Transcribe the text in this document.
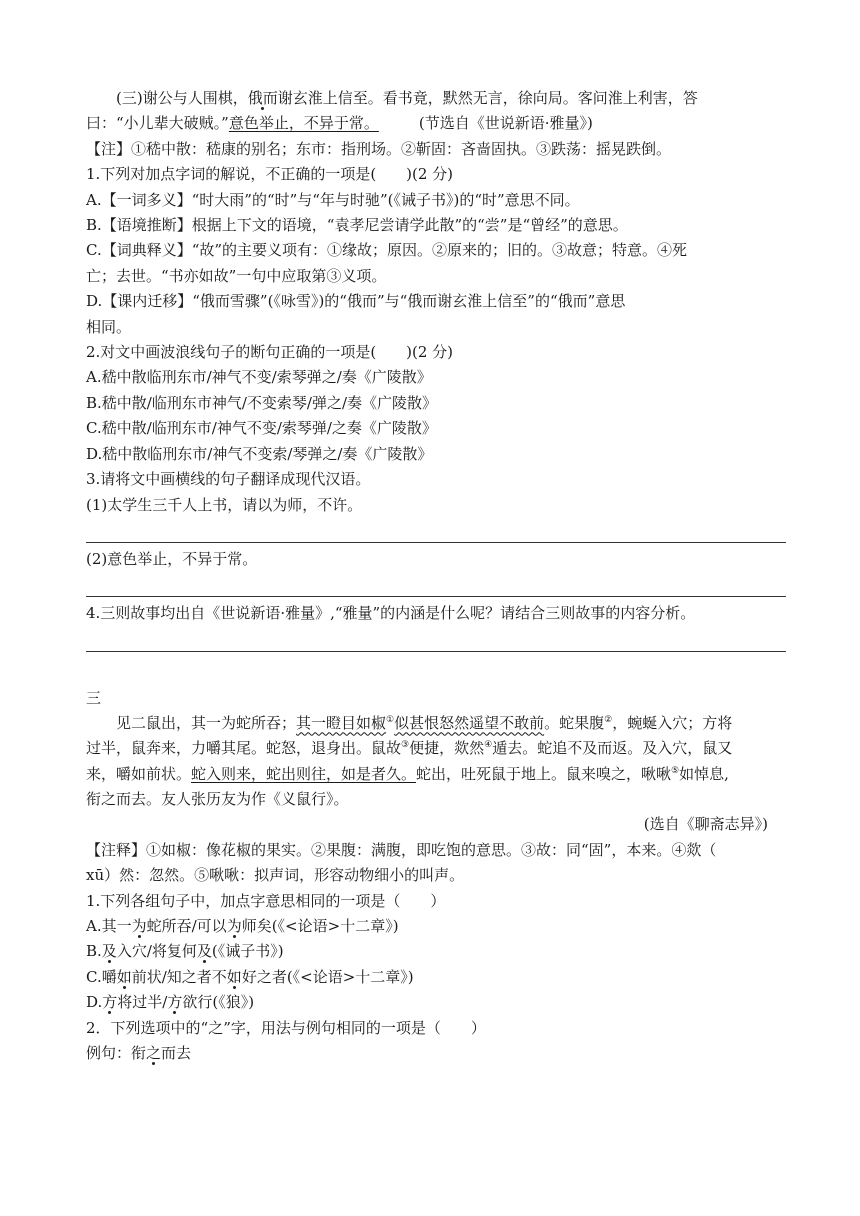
(三)谢公与人围棋，俄而谢玄淮上信至。看书竟，默然无言，徐向局。客问淮上利害，答
曰：“小儿辈大破贼。”意色举止，不异于常。	(节选自《世说新语·雅量》)
【注】①嵇中散：嵇康的别名；东市：指刑场。②靳固：吝啬固执。③跌荡：摇晃跌倒。
1.下列对加点字词的解说，不正确的一项是(　　)(2 分)
A.【一词多义】“时大雨”的“时”与“年与时驰”(《诫子书》)的“时”意思不同。
B.【语境推断】根据上下文的语境，“袁孝尼尝请学此散”的“尝”是“曾经”的意思。
C.【词典释义】“故”的主要义项有：①缘故；原因。②原来的；旧的。③故意；特意。④死
亡；去世。“书亦如故”一句中应取第③义项。
D.【课内迁移】“俄而雪骤”(《咏雪》)的“俄而”与“俄而谢玄淮上信至”的“俄而”意思
相同。
2.对文中画波浪线句子的断句正确的一项是(　　)(2 分)
A.嵇中散临刑东市/神气不变/索琴弹之/奏《广陵散》
B.嵇中散/临刑东市神气/不变索琴/弹之/奏《广陵散》
C.嵇中散/临刑东市/神气不变/索琴弹/之奏《广陵散》
D.嵇中散临刑东市/神气不变索/琴弹之/奏《广陵散》
3.请将文中画横线的句子翻译成现代汉语。
(1)太学生三千人上书，请以为师，不许。
(2)意色举止，不异于常。
4.三则故事均出自《世说新语·雅量》,“雅量”的内涵是什么呢？请结合三则故事的内容分析。
三
见二鼠出，其一为蛇所吞；其一瞪目如椒①似甚恨怒然遥望不敢前。蛇果腹②，蜿蜒入穴；方将
过半，鼠奔来，力嚼其尾。蛇怒，退身出。鼠故③便捷，欻然④遁去。蛇追不及而返。及入穴，鼠又
来，嚼如前状。蛇入则来，蛇出则往，如是者久。蛇出，吐死鼠于地上。鼠来嗅之，啾啾⑤如悼息,
衔之而去。友人张历友为作《义鼠行》。
(选自《聊斋志异》)
【注释】①如椒：像花椒的果实。②果腹：满腹，即吃饱的意思。③故：同“固”，本来。④欻（
xū）然：忽然。⑤啾啾：拟声词，形容动物细小的叫声。
1.下列各组句子中，加点字意思相同的一项是（　　）
A.其一为蛇所吞/可以为师矣(《<论语>十二章》)
B.及入穴/将复何及(《诫子书》)
C.嚼如前状/知之者不如好之者(《<论语>十二章》)
D.方将过半/方欲行(《狼》)
2．下列选项中的“之”字，用法与例句相同的一项是（　　）
例句：衔之而去
